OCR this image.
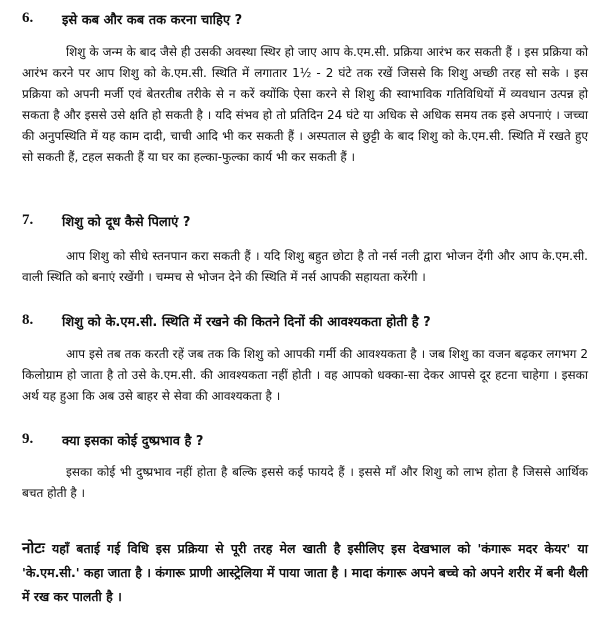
6. इसे कब और कब तक करना चाहिए ?

शिशु के जन्म के बाद जैसे ही उसकी अवस्था स्थिर हो जाए आप के.एम.सी. प्रक्रिया आरंभ कर सकती हैं । इस प्रक्रिया को आरंभ करने पर आप शिशु को के.एम.सी. स्थिति में लगातार 1½ - 2 घंटे तक रखें जिससे कि शिशु अच्छी तरह सो सके । इस प्रक्रिया को अपनी मर्जी एवं बेतरतीब तरीके से न करें क्योंकि ऐसा करने से शिशु की स्वाभाविक गतिविधियों में व्यवधान उत्पन्न हो सकता है और इससे उसे क्षति हो सकती है । यदि संभव हो तो प्रतिदिन 24 घंटे या अधिक से अधिक समय तक इसे अपनाएं । जच्चा की अनुपस्थिति में यह काम दादी, चाची आदि भी कर सकती हैं । अस्पताल से छुट्टी के बाद शिशु को के.एम.सी. स्थिति में रखते हुए सो सकती हैं, टहल सकती हैं या घर का हल्का-फुल्का कार्य भी कर सकती हैं ।

7. शिशु को दूध कैसे पिलाएं ?

आप शिशु को सीधे स्तनपान करा सकती हैं । यदि शिशु बहुत छोटा है तो नर्स नली द्वारा भोजन देंगी और आप के.एम.सी. वाली स्थिति को बनाएं रखेंगी । चम्मच से भोजन देने की स्थिति में नर्स आपकी सहायता करेंगी ।

8. शिशु को के.एम.सी. स्थिति में रखने की कितने दिनों की आवश्यकता होती है ?

आप इसे तब तक करती रहें जब तक कि शिशु को आपकी गर्मी की आवश्यकता है । जब शिशु का वजन बढ़कर लगभग 2 किलोग्राम हो जाता है तो उसे के.एम.सी. की आवश्यकता नहीं होती । वह आपको धक्का-सा देकर आपसे दूर हटना चाहेगा । इसका अर्थ यह हुआ कि अब उसे बाहर से सेवा की आवश्यकता है ।

9. क्या इसका कोई दुष्प्रभाव है ?

इसका कोई भी दुष्प्रभाव नहीं होता है बल्कि इससे कई फायदे हैं । इससे माँ और शिशु को लाभ होता है जिससे आर्थिक बचत होती है ।

नोटः यहाँ बताई गई विधि इस प्रक्रिया से पूरी तरह मेल खाती है इसीलिए इस देखभाल को 'कंगारू मदर केयर' या 'के.एम.सी.' कहा जाता है । कंगारू प्राणी आस्ट्रेलिया में पाया जाता है । मादा कंगारू अपने बच्चे को अपने शरीर में बनी थैली में रख कर पालती है ।
